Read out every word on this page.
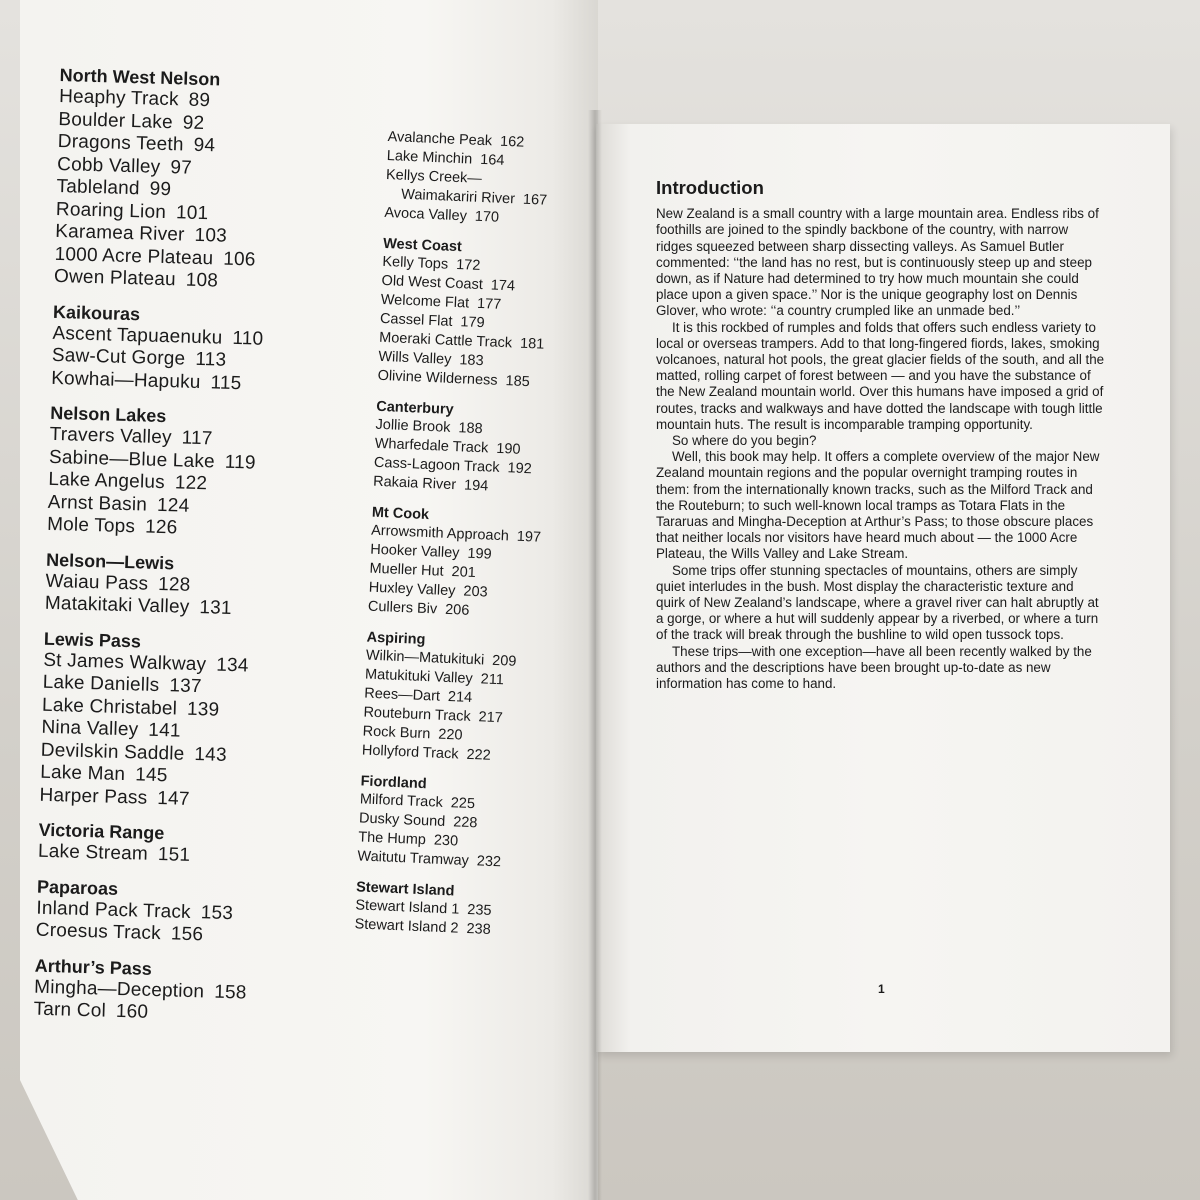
North West Nelson
Heaphy Track 89
Boulder Lake 92
Dragons Teeth 94
Cobb Valley 97
Tableland 99
Roaring Lion 101
Karamea River 103
1000 Acre Plateau 106
Owen Plateau 108
Kaikouras
Ascent Tapuaenuku 110
Saw-Cut Gorge 113
Kowhai—Hapuku 115
Nelson Lakes
Travers Valley 117
Sabine—Blue Lake 119
Lake Angelus 122
Arnst Basin 124
Mole Tops 126
Nelson—Lewis
Waiau Pass 128
Matakitaki Valley 131
Lewis Pass
St James Walkway 134
Lake Daniells 137
Lake Christabel 139
Nina Valley 141
Devilskin Saddle 143
Lake Man 145
Harper Pass 147
Victoria Range
Lake Stream 151
Paparoas
Inland Pack Track 153
Croesus Track 156
Arthur’s Pass
Mingha—Deception 158
Tarn Col 160
Avalanche Peak 162
Lake Minchin 164
Kellys Creek—
Waimakariri River 167
Avoca Valley 170
West Coast
Kelly Tops 172
Old West Coast 174
Welcome Flat 177
Cassel Flat 179
Moeraki Cattle Track 181
Wills Valley 183
Olivine Wilderness 185
Canterbury
Jollie Brook 188
Wharfedale Track 190
Cass-Lagoon Track 192
Rakaia River 194
Mt Cook
Arrowsmith Approach 197
Hooker Valley 199
Mueller Hut 201
Huxley Valley 203
Cullers Biv 206
Aspiring
Wilkin—Matukituki 209
Matukituki Valley 211
Rees—Dart 214
Routeburn Track 217
Rock Burn 220
Hollyford Track 222
Fiordland
Milford Track 225
Dusky Sound 228
The Hump 230
Waitutu Tramway 232
Stewart Island
Stewart Island 1 235
Stewart Island 2 238
Introduction

New Zealand is a small country with a large mountain area. Endless ribs of foothills are joined to the spindly backbone of the country, with narrow ridges squeezed between sharp dissecting valleys. As Samuel Butler commented: ‘‘the land has no rest, but is continuously steep up and steep down, as if Nature had determined to try how much mountain she could place upon a given space.’’ Nor is the unique geography lost on Dennis Glover, who wrote: ‘‘a country crumpled like an unmade bed.’’

It is this rockbed of rumples and folds that offers such endless variety to local or overseas trampers. Add to that long-fingered fiords, lakes, smoking volcanoes, natural hot pools, the great glacier fields of the south, and all the matted, rolling carpet of forest between — and you have the substance of the New Zealand mountain world. Over this humans have imposed a grid of routes, tracks and walkways and have dotted the landscape with tough little mountain huts. The result is incomparable tramping opportunity.

So where do you begin?

Well, this book may help. It offers a complete overview of the major New Zealand mountain regions and the popular overnight tramping routes in them: from the internationally known tracks, such as the Milford Track and the Routeburn; to such well-known local tramps as Totara Flats in the Tararuas and Mingha-Deception at Arthur’s Pass; to those obscure places that neither locals nor visitors have heard much about — the 1000 Acre Plateau, the Wills Valley and Lake Stream.

Some trips offer stunning spectacles of mountains, others are simply quiet interludes in the bush. Most display the characteristic texture and quirk of New Zealand’s landscape, where a gravel river can halt abruptly at a gorge, or where a hut will suddenly appear by a riverbed, or where a turn of the track will break through the bushline to wild open tussock tops.

These trips—with one exception—have all been recently walked by the authors and the descriptions have been brought up-to-date as new information has come to hand.

1
